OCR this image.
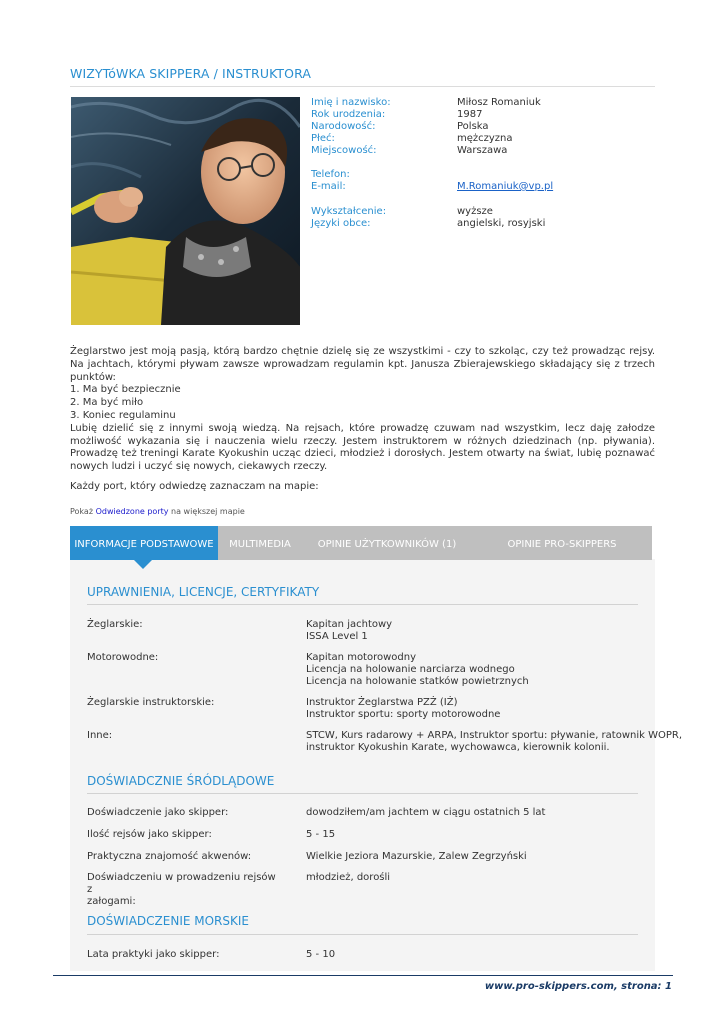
WIZYTóWKA SKIPPERA / INSTRUKTORA
Imię i nazwisko:	Miłosz Romaniuk
Rok urodzenia:	1987
Narodowość:	Polska
Płeć:	mężczyzna
Miejscowość:	Warszawa
Telefon:
E-mail:	M.Romaniuk@vp.pl
Wykształcenie:	wyższe
Języki obce:	angielski, rosyjski

Żeglarstwo jest moją pasją, którą bardzo chętnie dzielę się ze wszystkimi - czy to szkoląc, czy też prowadząc rejsy. Na jachtach, którymi pływam zawsze wprowadzam regulamin kpt. Janusza Zbierajewskiego składający się z trzech punktów:

1. Ma być bezpiecznie

2. Ma być miło

3. Koniec regulaminu

Lubię dzielić się z innymi swoją wiedzą. Na rejsach, które prowadzę czuwam nad wszystkim, lecz daję załodze możliwość wykazania się i nauczenia wielu rzeczy. Jestem instruktorem w różnych dziedzinach (np. pływania). Prowadzę też treningi Karate Kyokushin ucząc dzieci, młodzież i dorosłych. Jestem otwarty na świat, lubię poznawać nowych ludzi i uczyć się nowych, ciekawych rzeczy.

Każdy port, który odwiedzę zaznaczam na mapie:
Pokaż Odwiedzone porty na większej mapie
INFORMACJE PODSTAWOWE	MULTIMEDIA	OPINIE UŻYTKOWNIKÓW (1)	OPINIE PRO-SKIPPERS
UPRAWNIENIA, LICENCJE, CERTYFIKATY
Żeglarskie:	Kapitan jachtowy
ISSA Level 1
Motorowodne:	Kapitan motorowodny
Licencja na holowanie narciarza wodnego
Licencja na holowanie statków powietrznych
Żeglarskie instruktorskie:	Instruktor Żeglarstwa PZŻ (IŻ)
Instruktor sportu: sporty motorowodne
Inne:	STCW, Kurs radarowy + ARPA, Instruktor sportu: pływanie, ratownik WOPR,
instruktor Kyokushin Karate, wychowawca, kierownik kolonii.
DOŚWIADCZNIE ŚRÓDLĄDOWE
Doświadczenie jako skipper:	dowodziłem/am jachtem w ciągu ostatnich 5 lat
Ilość rejsów jako skipper:	5 - 15
Praktyczna znajomość akwenów:	Wielkie Jeziora Mazurskie, Zalew Zegrzyński
Doświadczeniu w prowadzeniu rejsów z
załogami:
młodzież, dorośli
DOŚWIADCZENIE MORSKIE
Lata praktyki jako skipper:	5 - 10
www.pro-skippers.com, strona: 1
